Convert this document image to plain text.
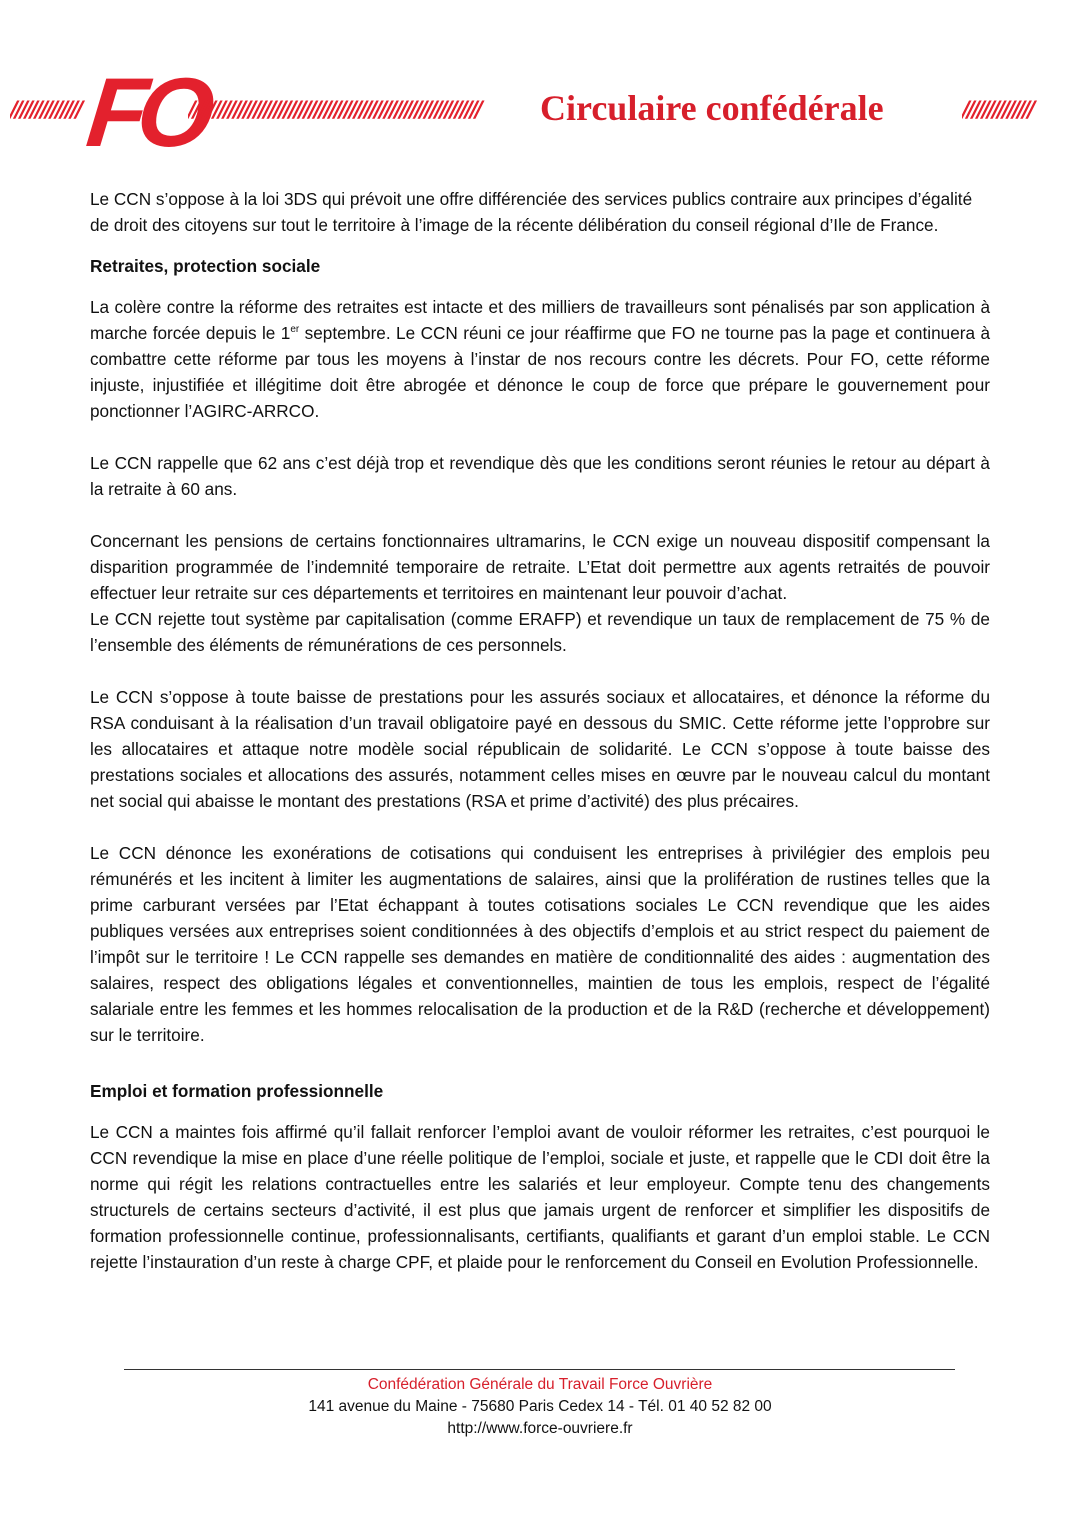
////////////// FO
//////////////////////////////////////////////////////////	Circulaire confédérale	//////////////

Le CCN s’oppose à la loi 3DS qui prévoit une offre différenciée des services publics contraire aux principes d’égalité de droit des citoyens sur tout le territoire à l’image de la récente délibération du conseil régional d’Ile de France.

Retraites, protection sociale

La colère contre la réforme des retraites est intacte et des milliers de travailleurs sont pénalisés par son application à marche forcée depuis le 1er septembre. Le CCN réuni ce jour réaffirme que FO ne tourne pas la page et continuera à combattre cette réforme par tous les moyens à l’instar de nos recours contre les décrets. Pour FO, cette réforme injuste, injustifiée et illégitime doit être abrogée et dénonce le coup de force que prépare le gouvernement pour ponctionner l’AGIRC-ARRCO.

Le CCN rappelle que 62 ans c’est déjà trop et revendique dès que les conditions seront réunies le retour au départ à la retraite à 60 ans.

Concernant les pensions de certains fonctionnaires ultramarins, le CCN exige un nouveau dispositif compensant la disparition programmée de l’indemnité temporaire de retraite. L’Etat doit permettre aux agents retraités de pouvoir effectuer leur retraite sur ces départements et territoires en maintenant leur pouvoir d’achat.

Le CCN rejette tout système par capitalisation (comme ERAFP) et revendique un taux de remplacement de 75 % de l’ensemble des éléments de rémunérations de ces personnels.

Le CCN s’oppose à toute baisse de prestations pour les assurés sociaux et allocataires, et dénonce la réforme du RSA conduisant à la réalisation d’un travail obligatoire payé en dessous du SMIC. Cette réforme jette l’opprobre sur les allocataires et attaque notre modèle social républicain de solidarité. Le CCN s’oppose à toute baisse des prestations sociales et allocations des assurés, notamment celles mises en œuvre par le nouveau calcul du montant net social qui abaisse le montant des prestations (RSA et prime d’activité) des plus précaires.

Le CCN dénonce les exonérations de cotisations qui conduisent les entreprises à privilégier des emplois peu rémunérés et les incitent à limiter les augmentations de salaires, ainsi que la prolifération de rustines telles que la prime carburant versées par l’Etat échappant à toutes cotisations sociales Le CCN revendique que les aides publiques versées aux entreprises soient conditionnées à des objectifs d’emplois et au strict respect du paiement de l’impôt sur le territoire ! Le CCN rappelle ses demandes en matière de conditionnalité des aides : augmentation des salaires, respect des obligations légales et conventionnelles, maintien de tous les emplois, respect de l’égalité salariale entre les femmes et les hommes relocalisation de la production et de la R&D (recherche et développement) sur le territoire.

Emploi et formation professionnelle

Le CCN a maintes fois affirmé qu’il fallait renforcer l’emploi avant de vouloir réformer les retraites, c’est pourquoi le CCN revendique la mise en place d’une réelle politique de l’emploi, sociale et juste, et rappelle que le CDI doit être la norme qui régit les relations contractuelles entre les salariés et leur employeur. Compte tenu des changements structurels de certains secteurs d’activité, il est plus que jamais urgent de renforcer et simplifier les dispositifs de formation professionnelle continue, professionnalisants, certifiants, qualifiants et garant d’un emploi stable. Le CCN rejette l’instauration d’un reste à charge CPF, et plaide pour le renforcement du Conseil en Evolution Professionnelle.

Confédération Générale du Travail Force Ouvrière
141 avenue du Maine - 75680 Paris Cedex 14 - Tél. 01 40 52 82 00
http://www.force-ouvriere.fr
